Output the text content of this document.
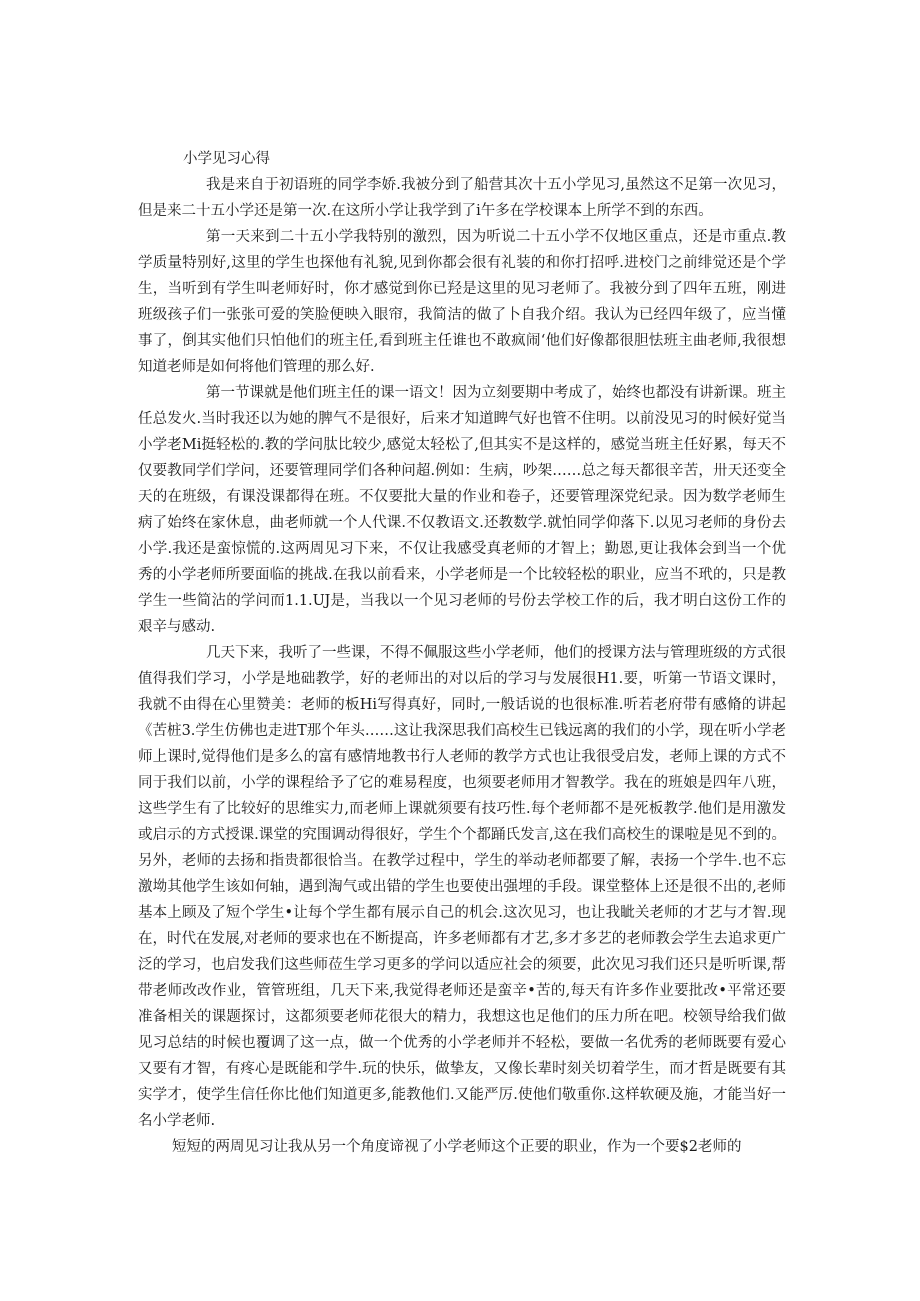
小学见习心得

我是来自于初语班的同学李娇.我被分到了船营其次十五小学见习,虽然这不足第一次见习，但是来二十五小学还是第一次.在这所小学让我学到了i午多在学校课本上所学不到的东西。

第一天来到二十五小学我特别的激烈，因为听说二十五小学不仅地区重点，还是市重点.教学质量特别好,这里的学生也探他有礼貌,见到你都会很有礼装的和你打招呼.进校门之前绯觉还是个学生，当听到有学生叫老师好时，你才感觉到你已羟是这里的见习老师了。我被分到了四年五班，刚进班级孩子们一张张可爱的笑脸便映入眼帘，我简洁的做了卜自我介绍。我认为已经四年级了，应当懂事了，倒其实他们只怕他们的班主任,看到班主任谁也不敢疯闹‘他们好像都很胆怯班主曲老师,我很想知道老师是如何将他们管理的那么好.

第一节课就是他们班主任的课一语文！因为立刻要期中考成了，始终也都没有讲新课。班主任总发火.当时我还以为她的脾气不是很好，后来才知道睥气好也管不住明。以前没见习的时候好觉当小学老Mi挺轻松的.教的学问肽比较少,感觉太轻松了,但其实不是这样的，感觉当班主任好累，每天不仅要教同学们学问，还要管理同学们各种问超.例如：生病，吵架……总之每天都很辛苦，卅天还变全天的在班级，有课没课都得在班。不仅要批大量的作业和卷子，还要管理深党纪录。因为数学老师生病了始终在家休息，曲老师就一个人代课.不仅教语文.还教数学.就怕同学仰落下.以见习老师的身份去小学.我还是蛮惊慌的.这两周见习下来，不仅让我感受真老师的才智上；勤恩,更让我体会到当一个优秀的小学老师所要面临的挑战.在我以前看来，小学老师是一个比较轻松的职业，应当不玳的，只是教学生一些简沾的学问而1.1.UJ是，当我以一个见习老师的号份去学校工作的后，我才明白这份工作的艰辛与感动.

几天下来，我听了一些课，不得不佩服这些小学老师，他们的授课方法与管理班级的方式很值得我们学习，小学是地础教学，好的老师出的对以后的学习与发展很H1.要，听第一节语文课时，我就不由得在心里赞美：老师的板Hi写得真好，同时,一般话说的也很标准.听若老府带有感脩的讲起《苦桩3.学生仿佛也走进T那个年头……这让我深思我们高校生已钱远离的我们的小学，现在听小学老师上课时,觉得他们是多么的富有感情地教书行人老师的教学方式也让我很受启发，老师上课的方式不同于我们以前，小学的课程给予了它的难易程度，也须要老师用才智教学。我在的班娘是四年八班，这些学生有了比较好的思维实力,而老师上课就须要有技巧性.每个老师都不是死板教学.他们是用激发或启示的方式授课.课堂的究围调动得很好，学生个个都踊氏发言,这在我们高校生的课啦是见不到的。另外，老师的去扬和指贵都很恰当。在教学过程中，学生的举动老师都要了解，表扬一个学牛.也不忘激坳其他学生该如何轴，遇到淘气或出错的学生也要使出强埋的手段。课堂整体上还是很不出的,老师基本上顾及了短个学生•让每个学生都有展示自己的机会.这次见习，也让我眦关老师的才艺与才智.现在，时代在发展,对老师的要求也在不断提高，许多老师都有才艺,多才多艺的老师教会学生去追求更广泛的学习，也启发我们这些师莅生学习更多的学问以适应社会的须要，此次见习我们还只是听听课,帮带老师改改作业，管管班组，几天下来,我觉得老师还是蛮辛•苦的,每天有许多作业要批改•平常还要准备相关的课题探讨，这都须要老师花很大的精力，我想这也足他们的压力所在吧。校领导给我们做见习总结的时候也覆调了这一点，做一个优秀的小学老师并不轻松，要做一名优秀的老师既要有爱心又要有才智，有疼心是既能和学牛.玩的快乐，做挚友，又像长辈时刻关切着学生，而才哲是既要有其实学才，使学生信任你比他们知道更多,能教他们.又能严厉.使他们敬重你.这样软硬及施，才能当好一名小学老师.

短短的两周见习让我从另一个角度谛视了小学老师这个正要的职业，作为一个要$2老师的
